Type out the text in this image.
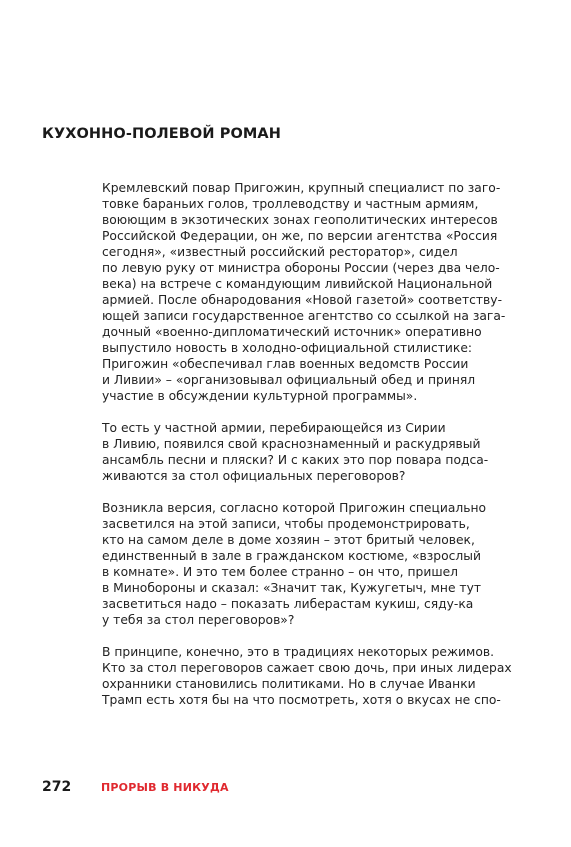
КУХОННО-ПОЛЕВОЙ РОМАН

Кремлевский повар Пригожин, крупный специалист по заго-
товке бараньих голов, троллеводству и частным армиям,
воюющим в экзотических зонах геополитических интересов
Российской Федерации, он же, по версии агентства «Россия
сегодня», «известный российский ресторатор», сидел
по левую руку от министра обороны России (через два чело-
века) на встрече с командующим ливийской Национальной
армией. После обнародования «Новой газетой» соответству-
ющей записи государственное агентство со ссылкой на зага-
дочный «военно-дипломатический источник» оперативно
выпустило новость в холодно-официальной стилистике:
Пригожин «обеспечивал глав военных ведомств России
и Ливии» – «организовывал официальный обед и принял
участие в обсуждении культурной программы».

То есть у частной армии, перебирающейся из Сирии
в Ливию, появился свой краснознаменный и раскудрявый
ансамбль песни и пляски? И с каких это пор повара подса-
живаются за стол официальных переговоров?

Возникла версия, согласно которой Пригожин специально
засветился на этой записи, чтобы продемонстрировать,
кто на самом деле в доме хозяин – этот бритый человек,
единственный в зале в гражданском костюме, «взрослый
в комнате». И это тем более странно – он что, пришел
в Минобороны и сказал: «Значит так, Кужугетыч, мне тут
засветиться надо – показать либерастам кукиш, сяду-ка
у тебя за стол переговоров»?

В принципе, конечно, это в традициях некоторых режимов.
Кто за стол переговоров сажает свою дочь, при иных лидерах
охранники становились политиками. Но в случае Иванки
Трамп есть хотя бы на что посмотреть, хотя о вкусах не спо-

272	ПРОРЫВ В НИКУДА
